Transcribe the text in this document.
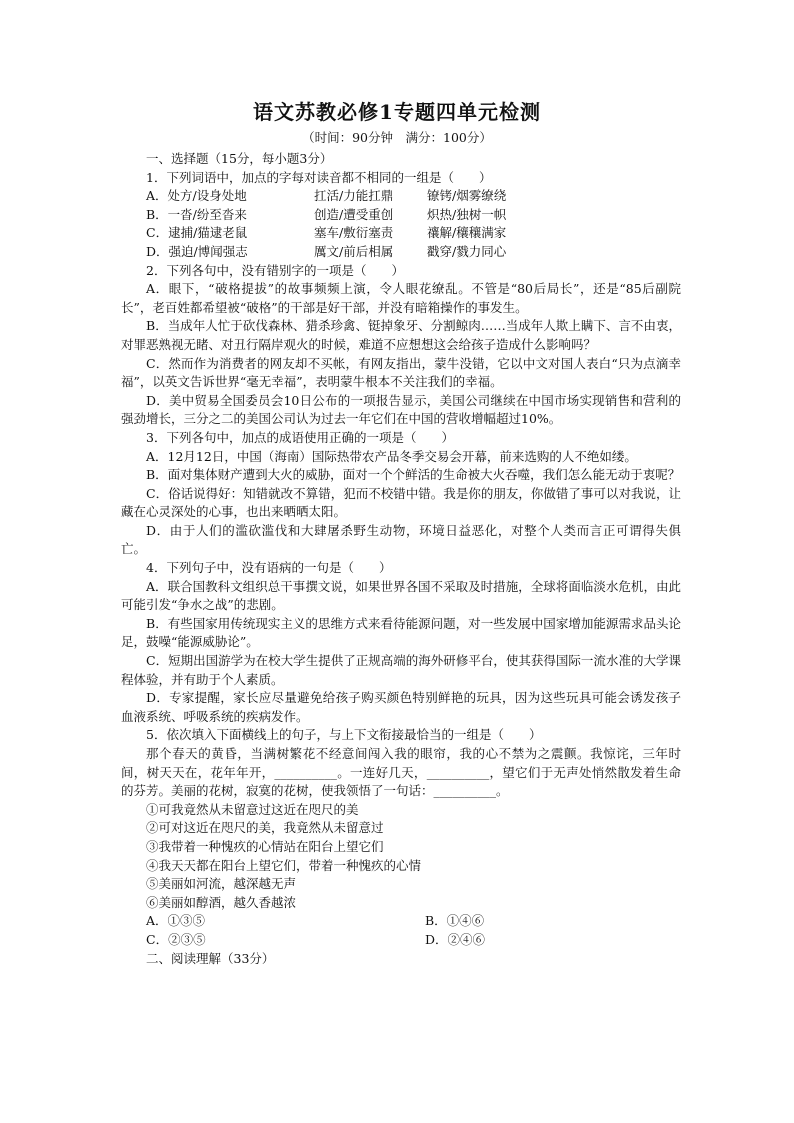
语文苏教必修1专题四单元检测
（时间：90分钟　满分：100分）
一、选择题（15分，每小题3分）
1．下列词语中，加点的字每对读音都不相同的一组是（　　）
A．处方/设身处地	扛活/力能扛鼎	镣铐/烟雾缭绕
B．一沓/纷至沓来	创造/遭受重创	炽热/独树一帜
C．逮捕/猫逮老鼠	塞车/敷衍塞责	禳解/穰穰满家
D．强迫/博闻强志	厲文/前后相属	戳穿/戮力同心
2．下列各句中，没有错别字的一项是（　　）
A．眼下，“破格提拔”的故事频频上演，令人眼花缭乱。不管是“80后局长”，还是“85后副院长”，老百姓都希望被“破格”的干部是好干部，并没有暗箱操作的事发生。
B．当成年人忙于砍伐森林、猎杀珍禽、铤掉象牙、分割鲸肉……当成年人欺上瞒下、言不由衷，对罪恶熟视无睹、对丑行隔岸观火的时候，难道不应想想这会给孩子造成什么影响吗？
C．然而作为消费者的网友却不买帐，有网友指出，蒙牛没错，它以中文对国人表白“只为点滴幸福”，以英文告诉世界“毫无幸福”，表明蒙牛根本不关注我们的幸福。
D．美中贸易全国委员会10日公布的一项报告显示，美国公司继续在中国市场实现销售和营利的强劲增长，三分之二的美国公司认为过去一年它们在中国的营收增幅超过10%。
3．下列各句中，加点的成语使用正确的一项是（　　）
A．12月12日，中国（海南）国际热带农产品冬季交易会开幕，前来选购的人不绝如缕。
B．面对集体财产遭到大火的威胁，面对一个个鲜活的生命被大火吞噬，我们怎么能无动于衷呢？
C．俗话说得好：知错就改不算错，犯而不校错中错。我是你的朋友，你做错了事可以对我说，让藏在心灵深处的心事，也出来晒晒太阳。
D．由于人们的滥砍滥伐和大肆屠杀野生动物，环境日益恶化，对整个人类而言正可谓得失俱亡。
4．下列句子中，没有语病的一句是（　　）
A．联合国教科文组织总干事撰文说，如果世界各国不采取及时措施，全球将面临淡水危机，由此可能引发“争水之战”的悲剧。
B．有些国家用传统现实主义的思维方式来看待能源问题，对一些发展中国家增加能源需求品头论足，鼓噪“能源威胁论”。
C．短期出国游学为在校大学生提供了正规高端的海外研修平台，使其获得国际一流水准的大学课程体验，并有助于个人素质。
D．专家提醒，家长应尽量避免给孩子购买颜色特别鲜艳的玩具，因为这些玩具可能会诱发孩子血液系统、呼吸系统的疾病发作。
5．依次填入下面横线上的句子，与上下文衔接最恰当的一组是（　　）
那个春天的黄昏，当满树繁花不经意间闯入我的眼帘，我的心不禁为之震颤。我惊诧，三年时间，树天天在，花年年开，__________。一连好几天，__________，望它们于无声处悄然散发着生命的芬芳。美丽的花树，寂寞的花树，使我领悟了一句话：__________。
①可我竟然从未留意过这近在咫尺的美
②可对这近在咫尺的美，我竟然从未留意过
③我带着一种愧疚的心情站在阳台上望它们
④我天天都在阳台上望它们，带着一种愧疚的心情
⑤美丽如河流，越深越无声
⑥美丽如醇酒，越久香越浓
A．①③⑤	B．①④⑥
C．②③⑤	D．②④⑥
二、阅读理解（33分）
